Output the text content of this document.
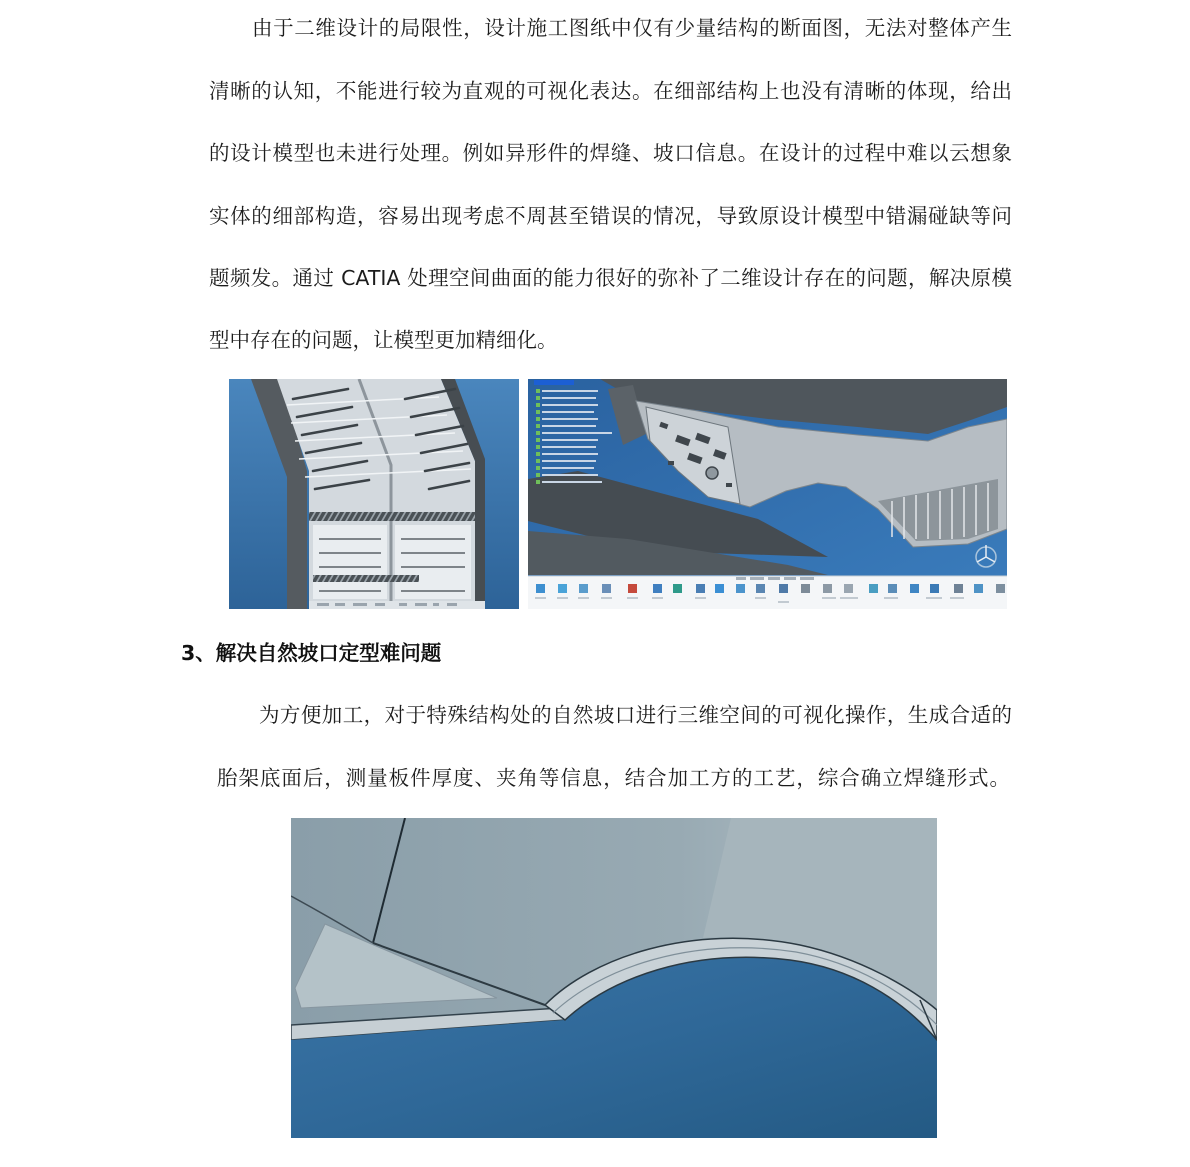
由于二维设计的局限性，设计施工图纸中仅有少量结构的断面图，无法对整体产生
清晰的认知，不能进行较为直观的可视化表达。在细部结构上也没有清晰的体现，给出
的设计模型也未进行处理。例如异形件的焊缝、坡口信息。在设计的过程中难以云想象
实体的细部构造，容易出现考虑不周甚至错误的情况，导致原设计模型中错漏碰缺等问
题频发。通过 CATIA 处理空间曲面的能力很好的弥补了二维设计存在的问题，解决原模
型中存在的问题，让模型更加精细化。
3、解决自然坡口定型难问题
为方便加工，对于特殊结构处的自然坡口进行三维空间的可视化操作，生成合适的
胎架底面后，测量板件厚度、夹角等信息，结合加工方的工艺，综合确立焊缝形式。
